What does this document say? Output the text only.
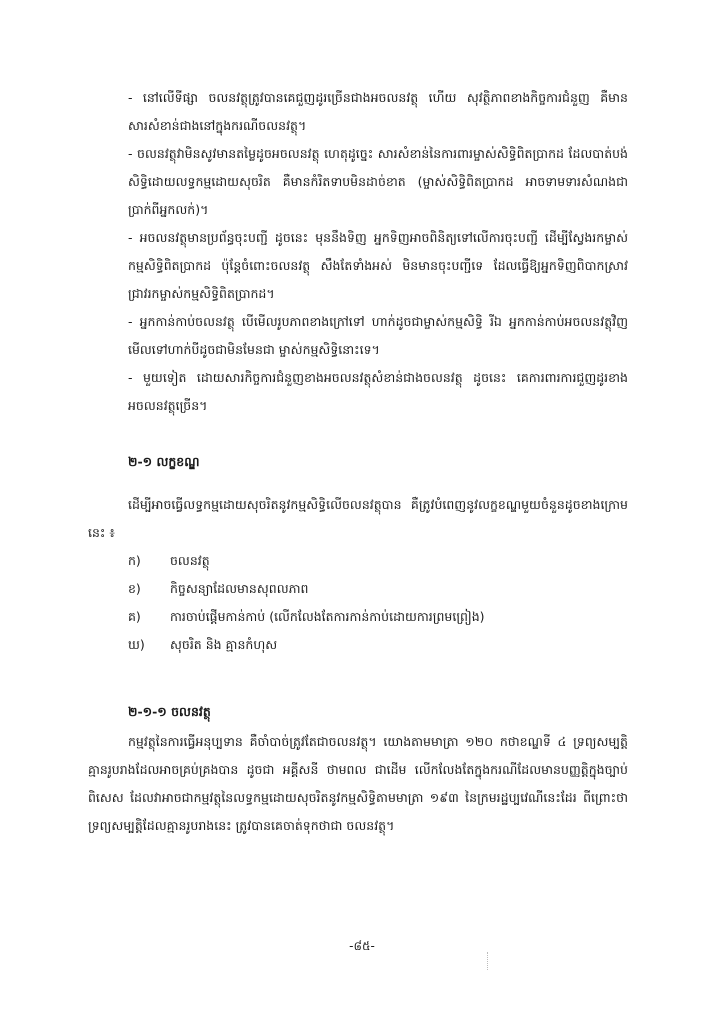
- នៅលើទីផ្សា ចលនវត្ថុត្រូវបានគេជួញដូរច្រើនជាងអចលនវត្ថុ ហើយ សុវត្ថិភាពខាងកិច្ចការជំនួញ គឺមានសារសំខាន់ជាងនៅក្នុងករណីចលនវត្ថុ។

- ចលនវត្ថុវាមិនសូវមានតម្លៃដូចអចលនវត្ថុ ហេតុដូច្នេះ សារសំខាន់នៃការពារម្ចាស់សិទ្ធិពិតប្រាកដ ដែលបាត់បង់សិទ្ធិដោយលទ្ធកម្មដោយសុចរិត គឺមានកំរិតទាបមិនដាច់ខាត (ម្ចាស់សិទ្ធិពិតប្រាកដ អាចទាមទារសំណងជាប្រាក់ពីអ្នកលក់)។

- អចលនវត្ថុមានប្រព័ន្ធចុះបញ្ជី ដូចនេះ មុននឹងទិញ អ្នកទិញអាចពិនិត្យទៅលើការចុះបញ្ជី ដើម្បីស្វែងរកម្ចាស់កម្មសិទ្ធិពិតប្រាកដ ប៉ុន្តែចំពោះចលនវត្ថុ សឹងតែទាំងអស់ មិនមានចុះបញ្ជីទេ ដែលធ្វើឱ្យអ្នកទិញពិបាកស្រាវជ្រាវរកម្ចាស់កម្មសិទ្ធិពិតប្រាកដ។

- អ្នកកាន់កាប់ចលនវត្ថុ បើមើលរូបភាពខាងក្រៅទៅ ហាក់ដូចជាម្ចាស់កម្មសិទ្ធិ រីឯ អ្នកកាន់កាប់អចលនវត្ថុវិញ មើលទៅហាក់បីដូចជាមិនមែនជា ម្ចាស់កម្មសិទ្ធិនោះទេ។

- មួយទៀត ដោយសារកិច្ចការជំនួញខាងអចលនវត្ថុសំខាន់ជាងចលនវត្ថុ ដូចនេះ គេការពារការជួញដូរខាងអចលនវត្ថុច្រើន។

២-១ លក្ខខណ្ឌ

ដើម្បីអាចធ្វើលទ្ធកម្មដោយសុចរិតនូវកម្មសិទ្ធិលើចលនវត្ថុបាន គឺត្រូវបំពេញនូវលក្ខខណ្ឌមួយចំនួនដូចខាងក្រោមនេះ ៖

ក)	ចលនវត្ថុ
ខ)	កិច្ចសន្យាដែលមានសុពលភាព
គ)	ការចាប់ផ្តើមកាន់កាប់ (លើកលែងតែការកាន់កាប់ដោយការព្រមព្រៀង)
ឃ)	សុចរិត និង គ្មានកំហុស

២-១-១ ចលនវត្ថុ

កម្មវត្ថុនៃការធ្វើអនុប្បទាន គឺចាំបាច់ត្រូវតែជាចលនវត្ថុ។ យោងតាមមាត្រា ១២០ កថាខណ្ឌទី ៤ ទ្រព្យសម្បត្តិគ្មានរូបរាងដែលអាចគ្រប់គ្រងបាន ដូចជា អគ្គីសនី ថាមពល ជាដើម លើកលែងតែក្នុងករណីដែលមានបញ្ញត្តិក្នុងច្បាប់ពិសេស ដែលវាអាចជាកម្មវត្ថុនៃលទ្ធកម្មដោយសុចរិតនូវកម្មសិទ្ធិតាមមាត្រា ១៩៣ នៃក្រមរដ្ឋប្បវេណីនេះដែរ ពីព្រោះថា ទ្រព្យសម្បត្តិដែលគ្មានរូបរាងនេះ ត្រូវបានគេចាត់ទុកថាជា ចលនវត្ថុ។

-៨៥-
